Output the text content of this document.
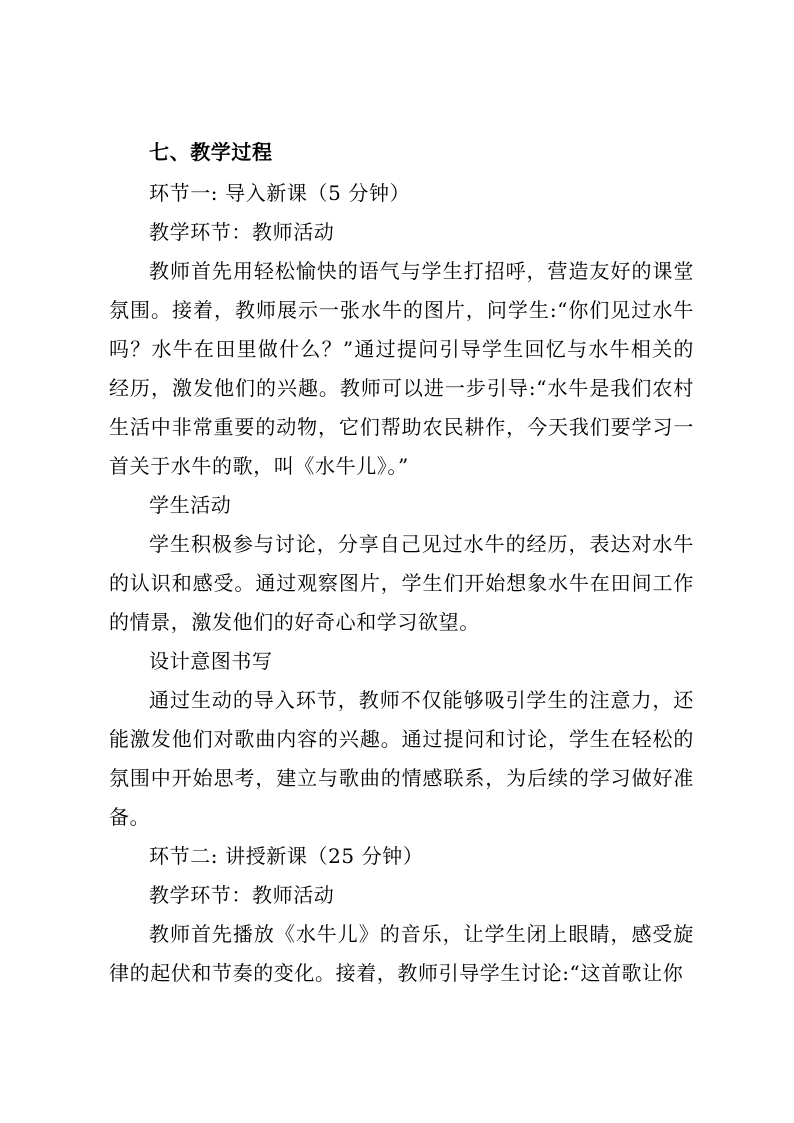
七、教学过程

环节一: 导入新课（5 分钟）

教学环节：教师活动

教师首先用轻松愉快的语气与学生打招呼，营造友好的课堂氛围。接着，教师展示一张水牛的图片，问学生:“你们见过水牛吗？水牛在田里做什么？”通过提问引导学生回忆与水牛相关的经历，激发他们的兴趣。教师可以进一步引导:“水牛是我们农村生活中非常重要的动物，它们帮助农民耕作，今天我们要学习一首关于水牛的歌，叫《水牛儿》。”

学生活动

学生积极参与讨论，分享自己见过水牛的经历，表达对水牛的认识和感受。通过观察图片，学生们开始想象水牛在田间工作的情景，激发他们的好奇心和学习欲望。

设计意图书写

通过生动的导入环节，教师不仅能够吸引学生的注意力，还能激发他们对歌曲内容的兴趣。通过提问和讨论，学生在轻松的氛围中开始思考，建立与歌曲的情感联系，为后续的学习做好准备。

环节二: 讲授新课（25 分钟）

教学环节：教师活动

教师首先播放《水牛儿》的音乐，让学生闭上眼睛，感受旋律的起伏和节奏的变化。接着，教师引导学生讨论:“这首歌让你
